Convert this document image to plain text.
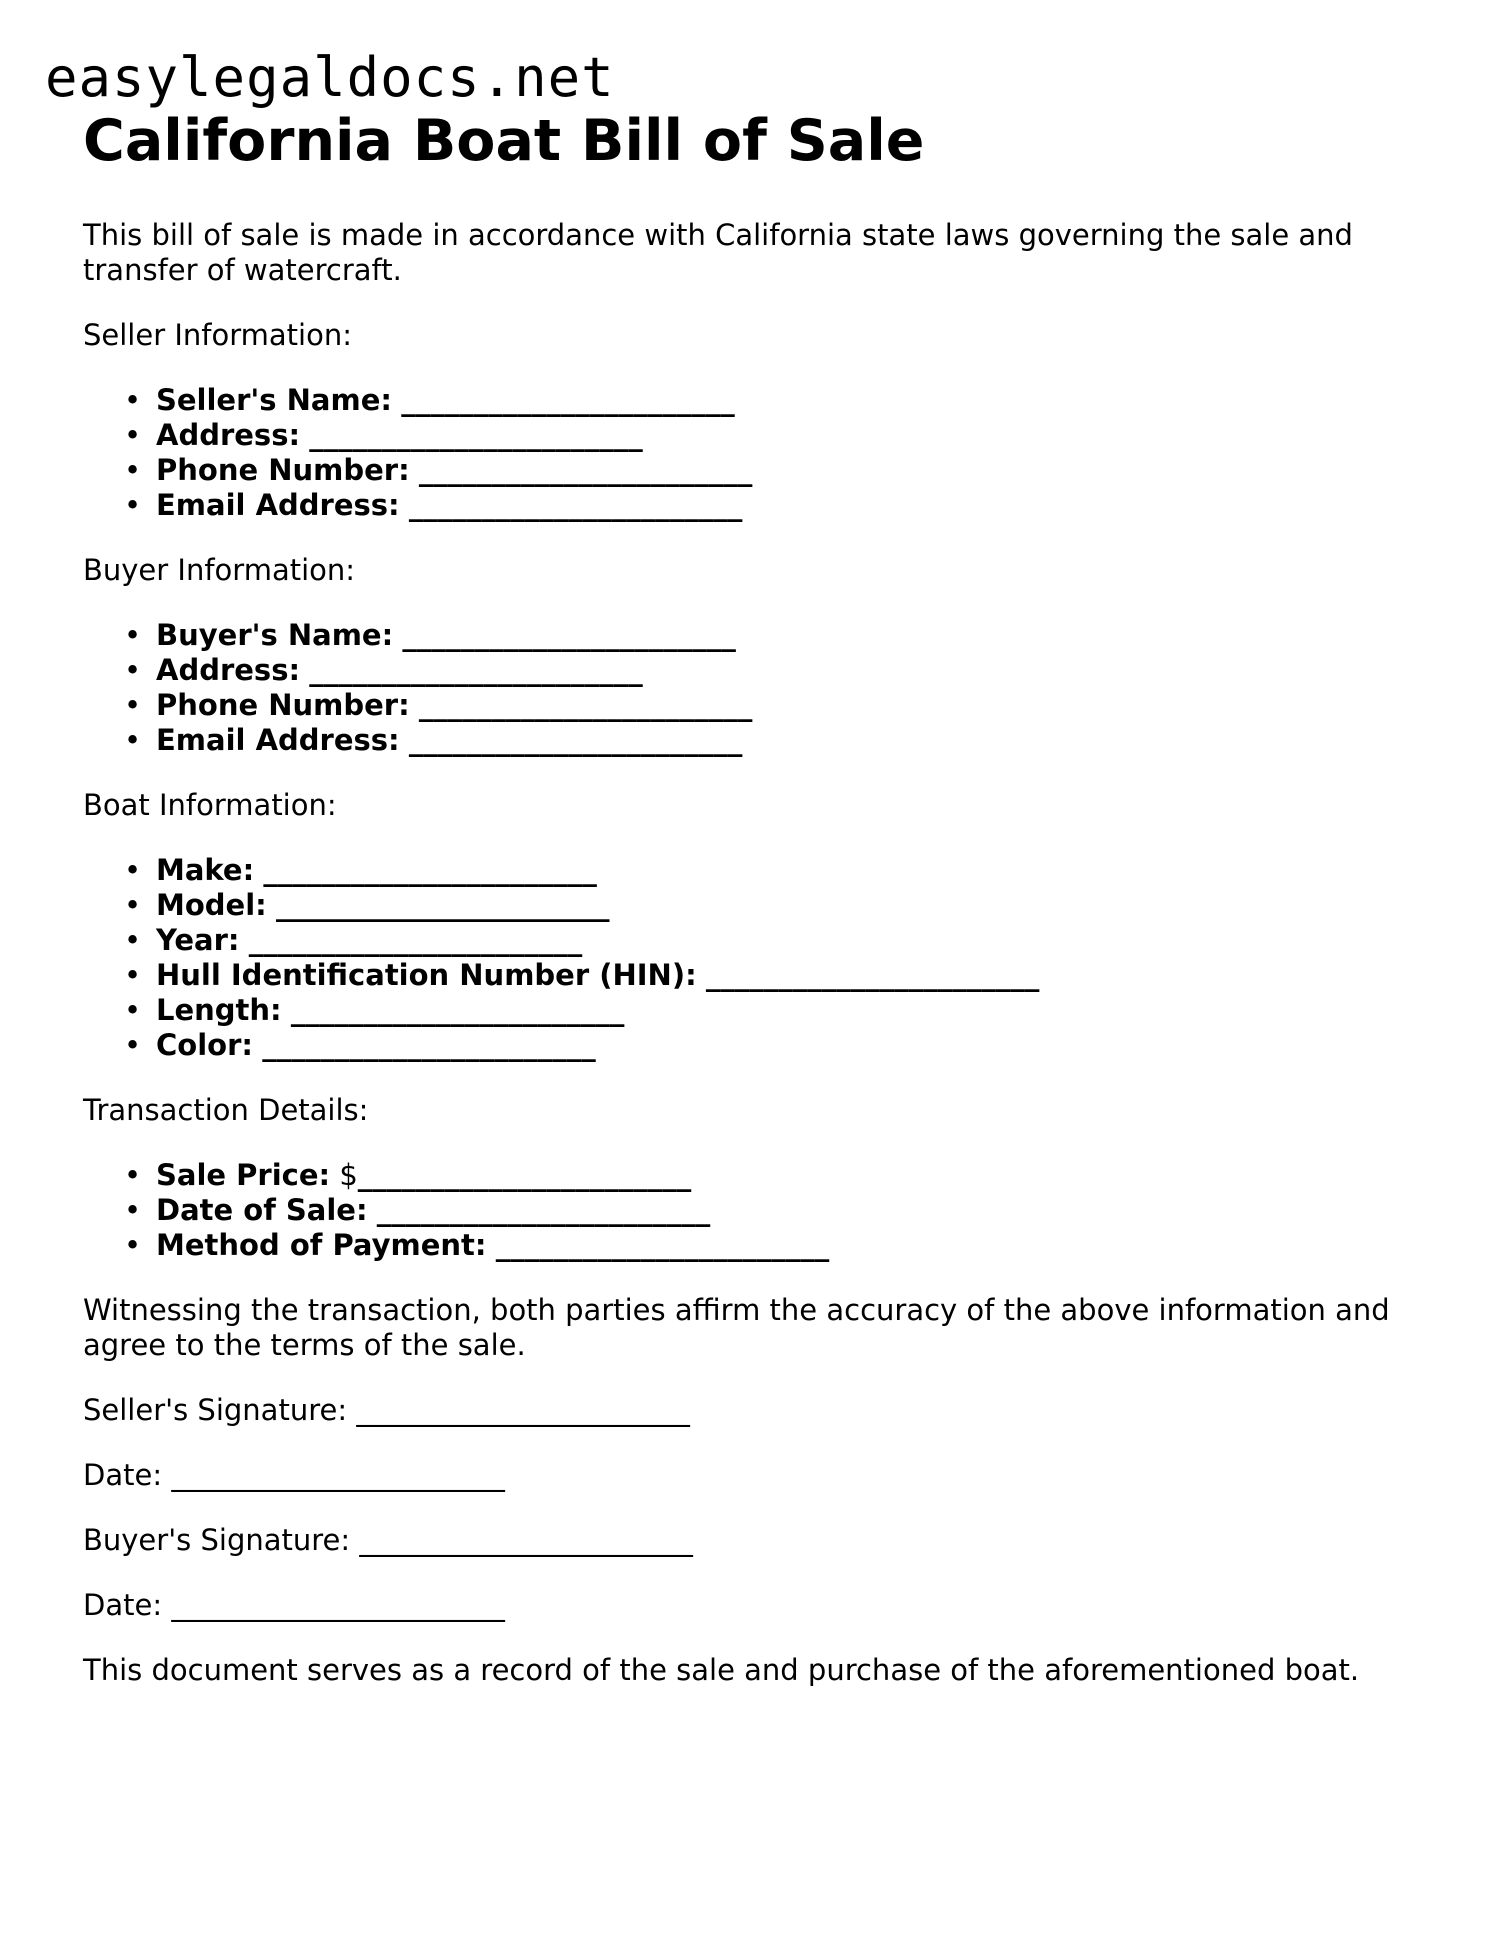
easylegaldocs.net
California Boat Bill of Sale

This bill of sale is made in accordance with California state laws governing the sale and transfer of watercraft.

Seller Information:

• Seller's Name: _______________________
• Address: _______________________
• Phone Number: _______________________
• Email Address: _______________________

Buyer Information:

• Buyer's Name: _______________________
• Address: _______________________
• Phone Number: _______________________
• Email Address: _______________________

Boat Information:

• Make: _______________________
• Model: _______________________
• Year: _______________________
• Hull Identification Number (HIN): _______________________
• Length: _______________________
• Color: _______________________

Transaction Details:

• Sale Price: $_______________________
• Date of Sale: _______________________
• Method of Payment: _______________________

Witnessing the transaction, both parties affirm the accuracy of the above information and agree to the terms of the sale.

Seller's Signature: _______________________

Date: _______________________

Buyer's Signature: _______________________

Date: _______________________

This document serves as a record of the sale and purchase of the aforementioned boat.
